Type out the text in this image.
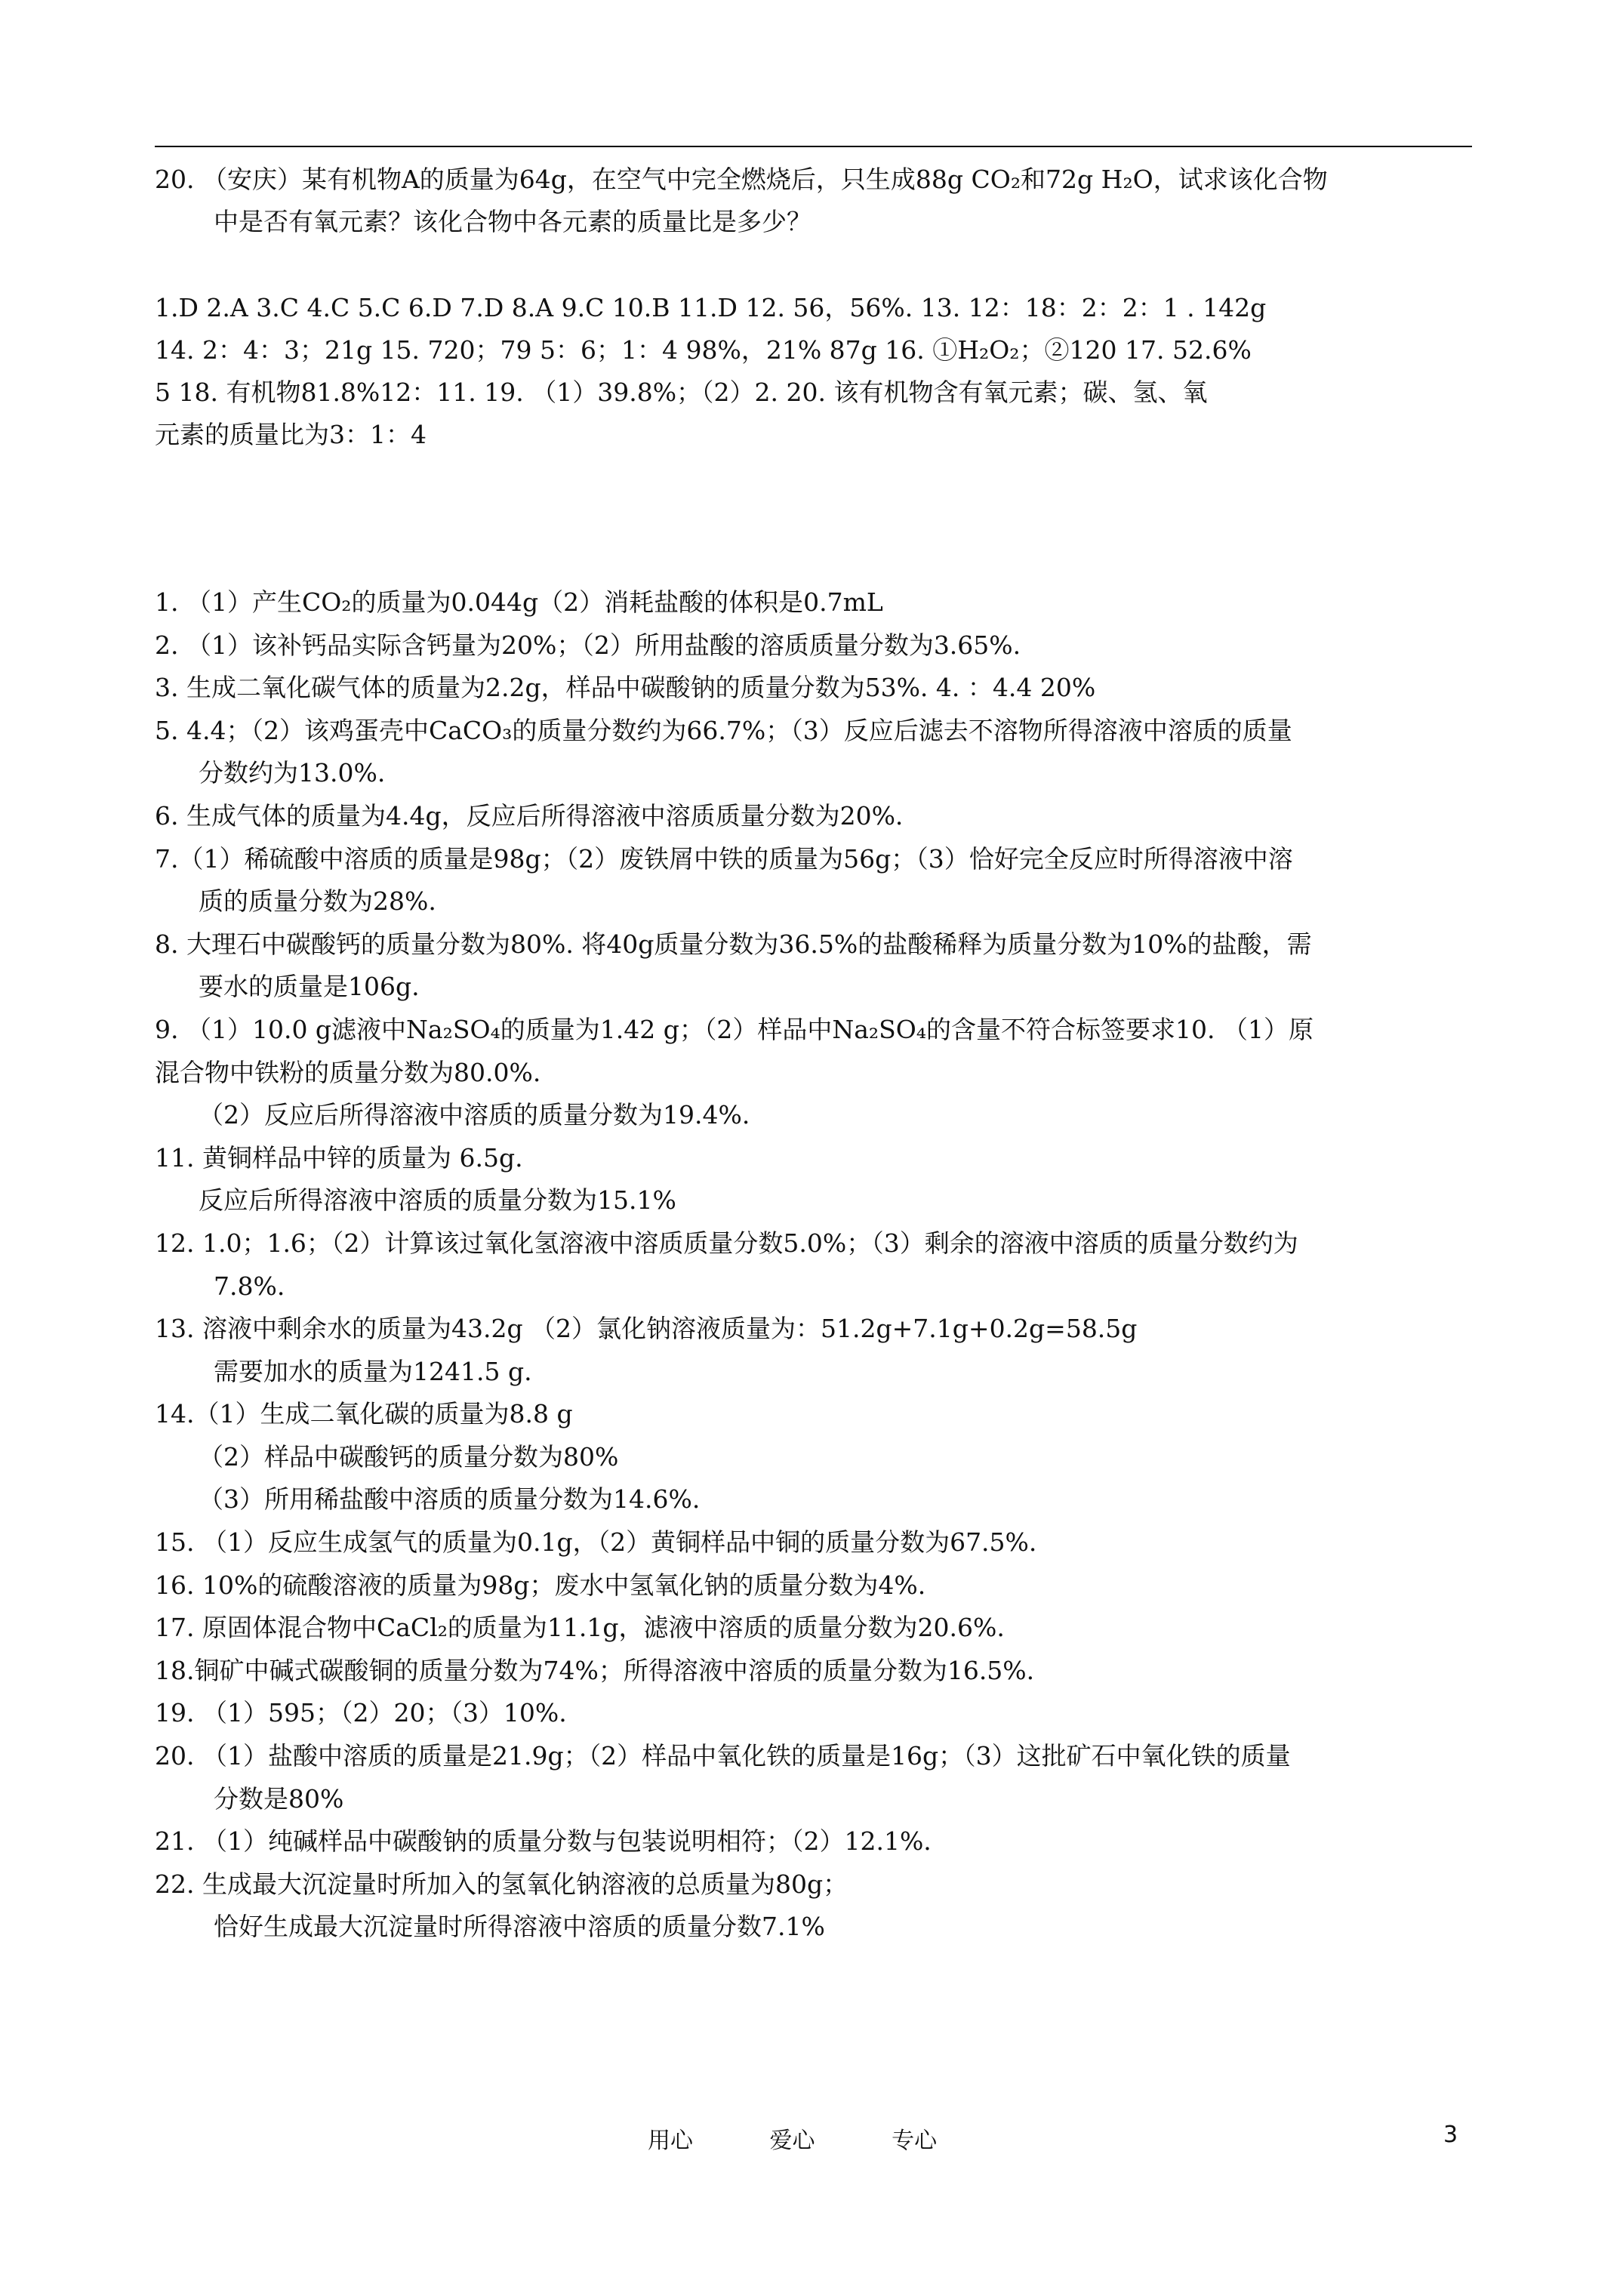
20. （安庆）某有机物A的质量为64g，在空气中完全燃烧后，只生成88g CO₂和72g H₂O，试求该化合物
中是否有氧元素？该化合物中各元素的质量比是多少？
1.D 2.A 3.C 4.C 5.C 6.D 7.D 8.A 9.C 10.B 11.D 12. 56，56%. 13. 12：18：2：2：1 . 142g
14. 2：4：3；21g 15. 720；79 5：6；1：4 98%，21% 87g 16. ①H₂O₂；②120 17. 52.6%
5 18. 有机物81.8%12：11. 19. （1）39.8%；（2）2. 20. 该有机物含有氧元素；碳、氢、氧
元素的质量比为3：1：4
1. （1）产生CO₂的质量为0.044g（2）消耗盐酸的体积是0.7mL
2. （1）该补钙品实际含钙量为20%；（2）所用盐酸的溶质质量分数为3.65%.
3. 生成二氧化碳气体的质量为2.2g，样品中碳酸钠的质量分数为53%. 4. ：4.4 20%
5. 4.4；（2）该鸡蛋壳中CaCO₃的质量分数约为66.7%；（3）反应后滤去不溶物所得溶液中溶质的质量
分数约为13.0%.
6. 生成气体的质量为4.4g，反应后所得溶液中溶质质量分数为20%.
7.（1）稀硫酸中溶质的质量是98g；（2）废铁屑中铁的质量为56g；（3）恰好完全反应时所得溶液中溶
质的质量分数为28%.
8. 大理石中碳酸钙的质量分数为80%. 将40g质量分数为36.5%的盐酸稀释为质量分数为10%的盐酸，需
要水的质量是106g.
9. （1）10.0 g滤液中Na₂SO₄的质量为1.42 g；（2）样品中Na₂SO₄的含量不符合标签要求10. （1）原
混合物中铁粉的质量分数为80.0%.
（2）反应后所得溶液中溶质的质量分数为19.4%.
11. 黄铜样品中锌的质量为 6.5g.
反应后所得溶液中溶质的质量分数为15.1%
12. 1.0；1.6；（2）计算该过氧化氢溶液中溶质质量分数5.0%；（3）剩余的溶液中溶质的质量分数约为
7.8%.
13. 溶液中剩余水的质量为43.2g （2）氯化钠溶液质量为：51.2g+7.1g+0.2g=58.5g
需要加水的质量为1241.5 g.
14.（1）生成二氧化碳的质量为8.8 g
（2）样品中碳酸钙的质量分数为80%
（3）所用稀盐酸中溶质的质量分数为14.6%.
15. （1）反应生成氢气的质量为0.1g，（2）黄铜样品中铜的质量分数为67.5%.
16. 10%的硫酸溶液的质量为98g；废水中氢氧化钠的质量分数为4%.
17. 原固体混合物中CaCl₂的质量为11.1g，滤液中溶质的质量分数为20.6%.
18.铜矿中碱式碳酸铜的质量分数为74%；所得溶液中溶质的质量分数为16.5%.
19. （1）595；（2）20；（3）10%.
20. （1）盐酸中溶质的质量是21.9g；（2）样品中氧化铁的质量是16g；（3）这批矿石中氧化铁的质量
分数是80%
21. （1）纯碱样品中碳酸钠的质量分数与包装说明相符；（2）12.1%.
22. 生成最大沉淀量时所加入的氢氧化钠溶液的总质量为80g；
恰好生成最大沉淀量时所得溶液中溶质的质量分数7.1%
用心	爱心	专心	3
